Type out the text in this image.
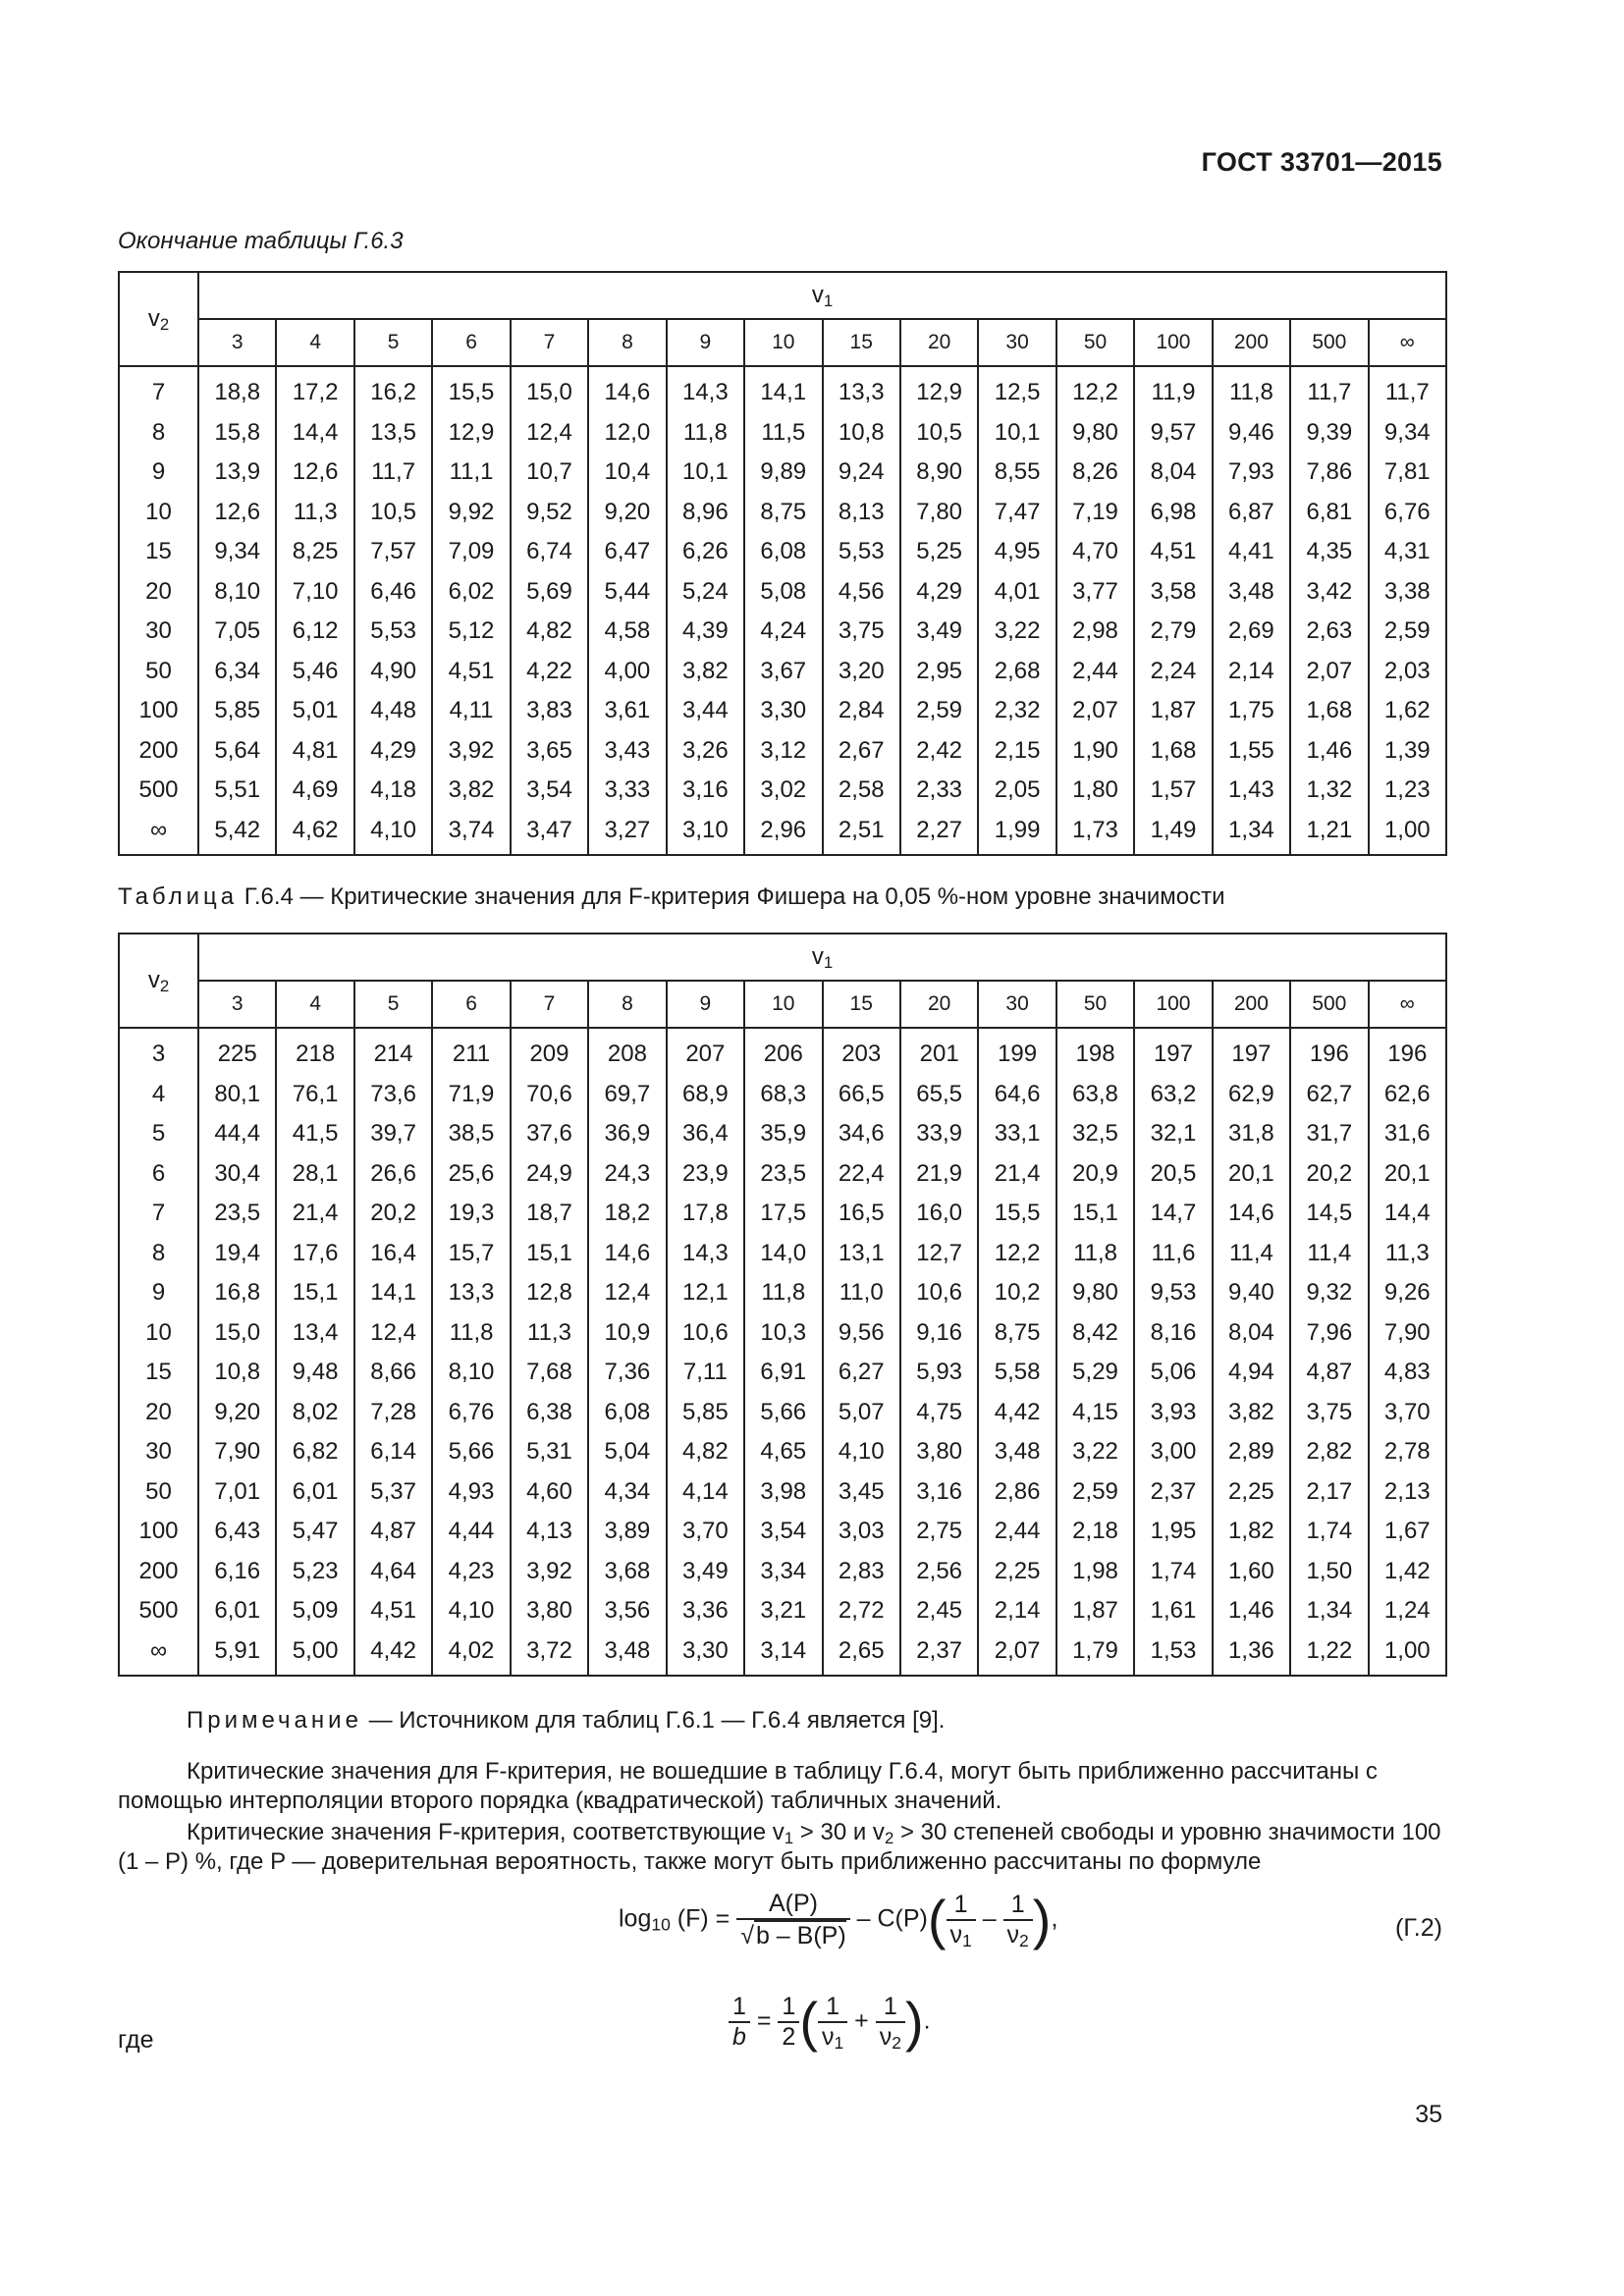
ГОСТ 33701—2015
Окончание таблицы Г.6.3
$v_2$	$v_1$
	3	4	5	6	7	8	9	10	15	20	30	50	100	200	500	∞
7	18,8	17,2	16,2	15,5	15,0	14,6	14,3	14,1	13,3	12,9	12,5	12,2	11,9	11,8	11,7	11,7
8	15,8	14,4	13,5	12,9	12,4	12,0	11,8	11,5	10,8	10,5	10,1	9,80	9,57	9,46	9,39	9,34
9	13,9	12,6	11,7	11,1	10,7	10,4	10,1	9,89	9,24	8,90	8,55	8,26	8,04	7,93	7,86	7,81
10	12,6	11,3	10,5	9,92	9,52	9,20	8,96	8,75	8,13	7,80	7,47	7,19	6,98	6,87	6,81	6,76
15	9,34	8,25	7,57	7,09	6,74	6,47	6,26	6,08	5,53	5,25	4,95	4,70	4,51	4,41	4,35	4,31
20	8,10	7,10	6,46	6,02	5,69	5,44	5,24	5,08	4,56	4,29	4,01	3,77	3,58	3,48	3,42	3,38
30	7,05	6,12	5,53	5,12	4,82	4,58	4,39	4,24	3,75	3,49	3,22	2,98	2,79	2,69	2,63	2,59
50	6,34	5,46	4,90	4,51	4,22	4,00	3,82	3,67	3,20	2,95	2,68	2,44	2,24	2,14	2,07	2,03
100	5,85	5,01	4,48	4,11	3,83	3,61	3,44	3,30	2,84	2,59	2,32	2,07	1,87	1,75	1,68	1,62
200	5,64	4,81	4,29	3,92	3,65	3,43	3,26	3,12	2,67	2,42	2,15	1,90	1,68	1,55	1,46	1,39
500	5,51	4,69	4,18	3,82	3,54	3,33	3,16	3,02	2,58	2,33	2,05	1,80	1,57	1,43	1,32	1,23
∞	5,42	4,62	4,10	3,74	3,47	3,27	3,10	2,96	2,51	2,27	1,99	1,73	1,49	1,34	1,21	1,00
Таблица Г.6.4 — Критические значения для F-критерия Фишера на 0,05 %-ном уровне значимости
$v_2$	$v_1$
	3	4	5	6	7	8	9	10	15	20	30	50	100	200	500	∞
3	225	218	214	211	209	208	207	206	203	201	199	198	197	197	196	196
4	80,1	76,1	73,6	71,9	70,6	69,7	68,9	68,3	66,5	65,5	64,6	63,8	63,2	62,9	62,7	62,6
5	44,4	41,5	39,7	38,5	37,6	36,9	36,4	35,9	34,6	33,9	33,1	32,5	32,1	31,8	31,7	31,6
6	30,4	28,1	26,6	25,6	24,9	24,3	23,9	23,5	22,4	21,9	21,4	20,9	20,5	20,1	20,2	20,1
7	23,5	21,4	20,2	19,3	18,7	18,2	17,8	17,5	16,5	16,0	15,5	15,1	14,7	14,6	14,5	14,4
8	19,4	17,6	16,4	15,7	15,1	14,6	14,3	14,0	13,1	12,7	12,2	11,8	11,6	11,4	11,4	11,3
9	16,8	15,1	14,1	13,3	12,8	12,4	12,1	11,8	11,0	10,6	10,2	9,80	9,53	9,40	9,32	9,26
10	15,0	13,4	12,4	11,8	11,3	10,9	10,6	10,3	9,56	9,16	8,75	8,42	8,16	8,04	7,96	7,90
15	10,8	9,48	8,66	8,10	7,68	7,36	7,11	6,91	6,27	5,93	5,58	5,29	5,06	4,94	4,87	4,83
20	9,20	8,02	7,28	6,76	6,38	6,08	5,85	5,66	5,07	4,75	4,42	4,15	3,93	3,82	3,75	3,70
30	7,90	6,82	6,14	5,66	5,31	5,04	4,82	4,65	4,10	3,80	3,48	3,22	3,00	2,89	2,82	2,78
50	7,01	6,01	5,37	4,93	4,60	4,34	4,14	3,98	3,45	3,16	2,86	2,59	2,37	2,25	2,17	2,13
100	6,43	5,47	4,87	4,44	4,13	3,89	3,70	3,54	3,03	2,75	2,44	2,18	1,95	1,82	1,74	1,67
200	6,16	5,23	4,64	4,23	3,92	3,68	3,49	3,34	2,83	2,56	2,25	1,98	1,74	1,60	1,50	1,42
500	6,01	5,09	4,51	4,10	3,80	3,56	3,36	3,21	2,72	2,45	2,14	1,87	1,61	1,46	1,34	1,24
∞	5,91	5,00	4,42	4,02	3,72	3,48	3,30	3,14	2,65	2,37	2,07	1,79	1,53	1,36	1,22	1,00
Примечание — Источником для таблиц Г.6.1 — Г.6.4 является [9].
Критические значения для F-критерия, не вошедшие в таблицу Г.6.4, могут быть приближенно рассчитаны с помощью интерполяции второго порядка (квадратической) табличных значений.
Критические значения F-критерия, соответствующие $v_1 > 30$ и $v_2 > 30$ степеней свободы и уровню значимости 100 (1 – P) %, где P — доверительная вероятность, также могут быть приближенно рассчитаны по формуле
$\log_{10} (F) = \frac{A(P)}{√b - B(P)} - C(P)( \frac{1}{\nu_1} - \frac{1}{\nu_2}$ ),	(Г.2)
где	$\frac{1}{b} = \frac{1}{2}$ ( $\frac{1}{\nu_1} + \frac{1}{\nu_2}$ ).
35
